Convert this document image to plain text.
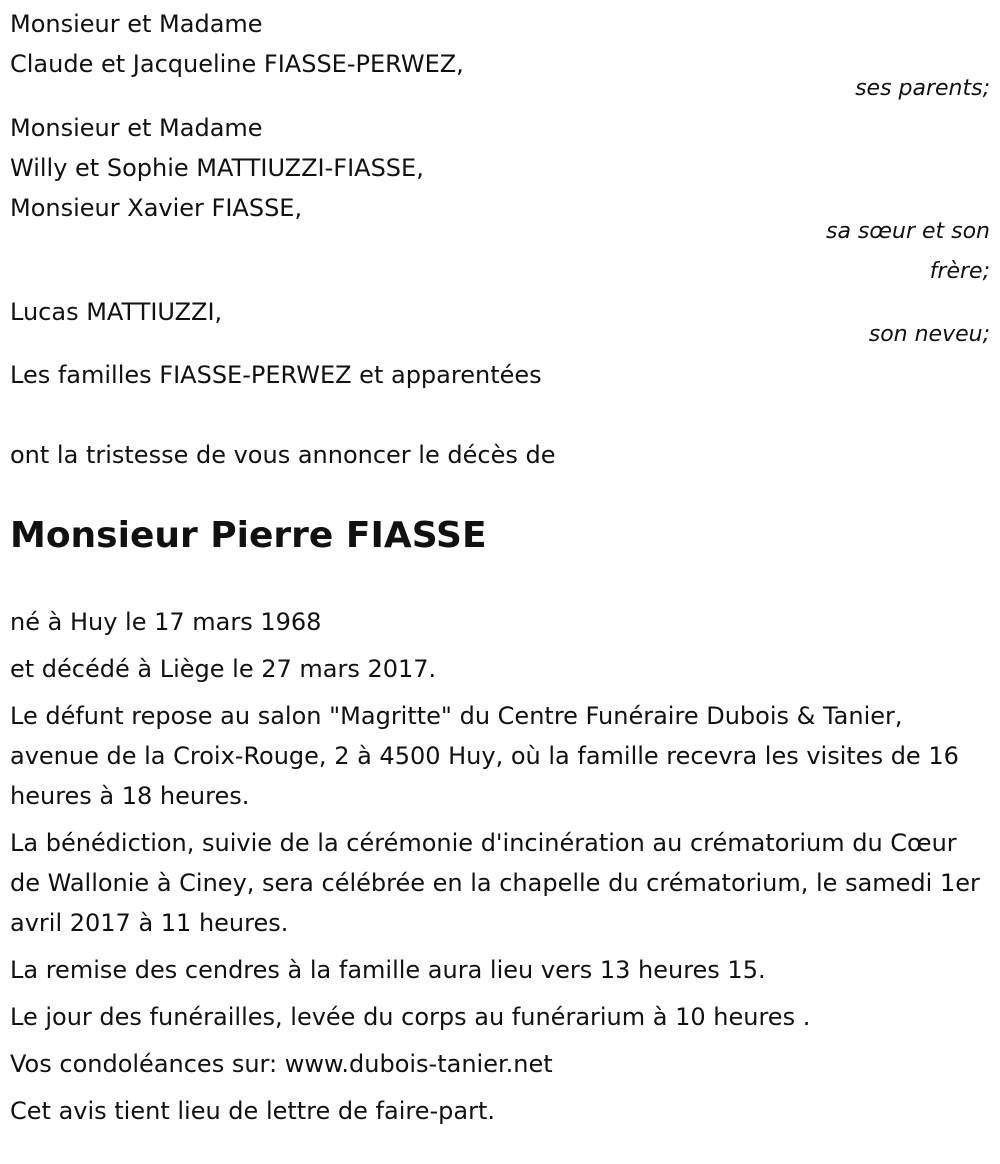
Monsieur et Madame

Claude et Jacqueline FIASSE-PERWEZ,

ses parents;

Monsieur et Madame

Willy et Sophie MATTIUZZI-FIASSE,

Monsieur Xavier FIASSE,

sa sœur et son

frère;

Lucas MATTIUZZI,

son neveu;

Les familles FIASSE-PERWEZ et apparentées

ont la tristesse de vous annoncer le décès de

Monsieur Pierre FIASSE

né à Huy le 17 mars 1968

et décédé à Liège le 27 mars 2017.

Le défunt repose au salon "Magritte" du Centre Funéraire Dubois & Tanier, avenue de la Croix-Rouge, 2 à 4500 Huy, où la famille recevra les visites de 16 heures à 18 heures.

La bénédiction, suivie de la cérémonie d'incinération au crématorium du Cœur de Wallonie à Ciney, sera célébrée en la chapelle du crématorium, le samedi 1er avril 2017 à 11 heures.

La remise des cendres à la famille aura lieu vers 13 heures 15.

Le jour des funérailles, levée du corps au funérarium à 10 heures .

Vos condoléances sur: www.dubois-tanier.net

Cet avis tient lieu de lettre de faire-part.
